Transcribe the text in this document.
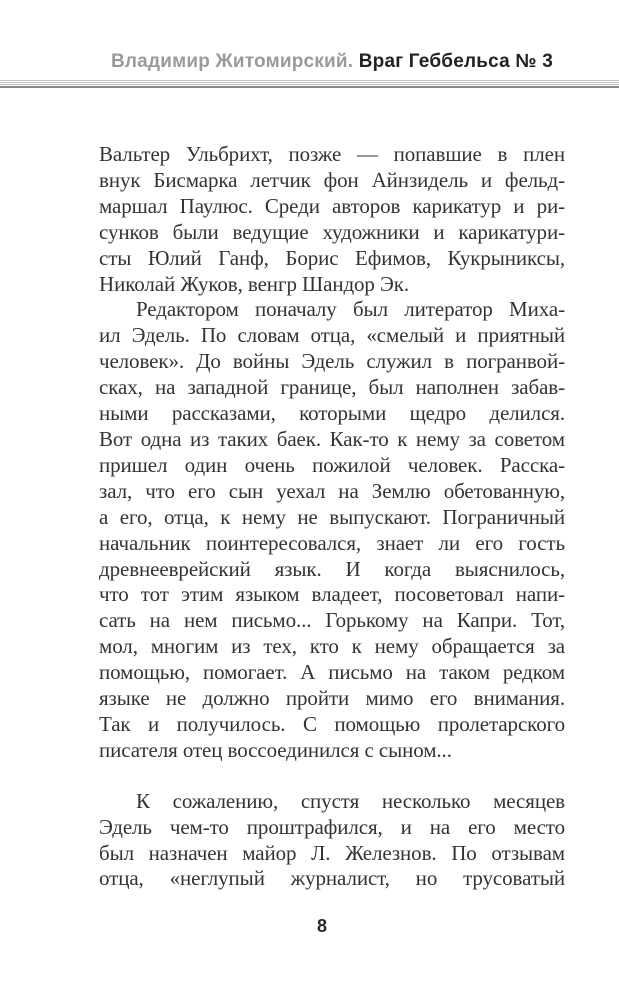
Владимир Житомирский. Враг Геббельса № 3
Вальтер Ульбрихт, позже — попавшие в плен
внук Бисмарка летчик фон Айнзидель и фельд-
маршал Паулюс. Среди авторов карикатур и ри-
сунков были ведущие художники и карикатури-
сты Юлий Ганф, Борис Ефимов, Кукрыниксы,
Николай Жуков, венгр Шандор Эк.
Редактором поначалу был литератор Миха-
ил Эдель. По словам отца, «смелый и приятный
человек». До войны Эдель служил в погранвой-
сках, на западной границе, был наполнен забав-
ными рассказами, которыми щедро делился.
Вот одна из таких баек. Как-то к нему за советом
пришел один очень пожилой человек. Расска-
зал, что его сын уехал на Землю обетованную,
а его, отца, к нему не выпускают. Пограничный
начальник поинтересовался, знает ли его гость
древнееврейский язык. И когда выяснилось,
что тот этим языком владеет, посоветовал напи-
сать на нем письмо... Горькому на Капри. Тот,
мол, многим из тех, кто к нему обращается за
помощью, помогает. А письмо на таком редком
языке не должно пройти мимо его внимания.
Так и получилось. С помощью пролетарского
писателя отец воссоединился с сыном...
К сожалению, спустя несколько месяцев
Эдель чем-то проштрафился, и на его место
был назначен майор Л. Железнов. По отзывам
отца, «неглупый журналист, но трусоватый
8
